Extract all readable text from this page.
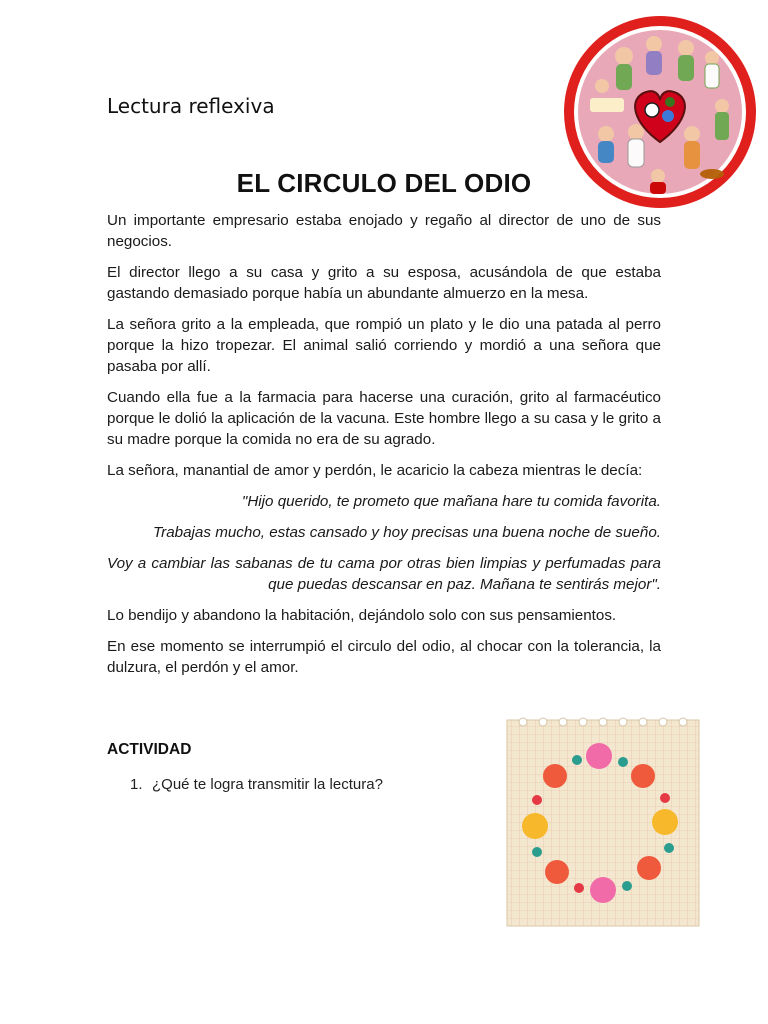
Lectura reflexiva
EL CIRCULO DEL ODIO

Un importante empresario estaba enojado y regaño al director de uno de sus negocios.

El director llego a su casa y grito a su esposa, acusándola de que estaba gastando demasiado porque había un abundante almuerzo en la mesa.

La señora grito a la empleada, que rompió un plato y le dio una patada al perro porque la hizo tropezar. El animal salió corriendo y mordió a una señora que pasaba por allí.

Cuando ella fue a la farmacia para hacerse una curación, grito al farmacéutico porque le dolió la aplicación de la vacuna. Este hombre llego a su casa y le grito a su madre porque la comida no era de su agrado.

La señora, manantial de amor y perdón, le acaricio la cabeza mientras le decía:

"Hijo querido, te prometo que mañana hare tu comida favorita.

Trabajas mucho, estas cansado y hoy precisas una buena noche de sueño.

Voy a cambiar las sabanas de tu cama por otras bien limpias y perfumadas para que puedas descansar en paz. Mañana te sentirás mejor".

Lo bendijo y abandono la habitación, dejándolo solo con sus pensamientos.

En ese momento se interrumpió el circulo del odio, al chocar con la tolerancia, la dulzura, el perdón y el amor.

ACTIVIDAD
1. ¿Qué te logra transmitir la lectura?
